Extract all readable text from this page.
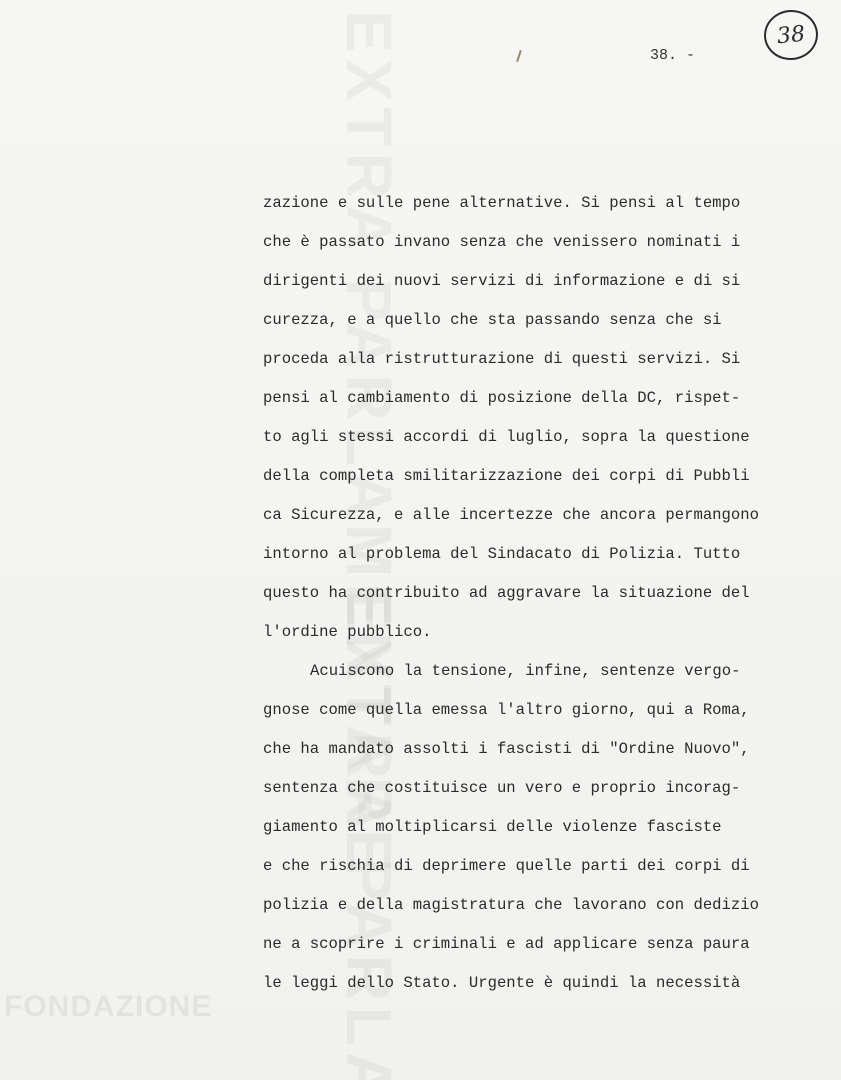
FONDAZIONE
38
38. -
zazione e sulle pene alternative. Si pensi al tempo
che è passato invano senza che venissero nominati i
dirigenti dei nuovi servizi di informazione e di si
curezza, e a quello che sta passando senza che si
proceda alla ristrutturazione di questi servizi. Si
pensi al cambiamento di posizione della DC, rispet-
to agli stessi accordi di luglio, sopra la questione
della completa smilitarizzazione dei corpi di Pubbli
ca Sicurezza, e alle incertezze che ancora permangono
intorno al problema del Sindacato di Polizia. Tutto
questo ha contribuito ad aggravare la situazione del
l'ordine pubblico.
Acuiscono la tensione, infine, sentenze vergo-
gnose come quella emessa l'altro giorno, qui a Roma,
che ha mandato assolti i fascisti di "Ordine Nuovo",
sentenza che costituisce un vero e proprio incorag-
giamento al moltiplicarsi delle violenze fasciste
e che rischia di deprimere quelle parti dei corpi di
polizia e della magistratura che lavorano con dedizio
ne a scoprire i criminali e ad applicare senza paura
le leggi dello Stato. Urgente è quindi la necessità
